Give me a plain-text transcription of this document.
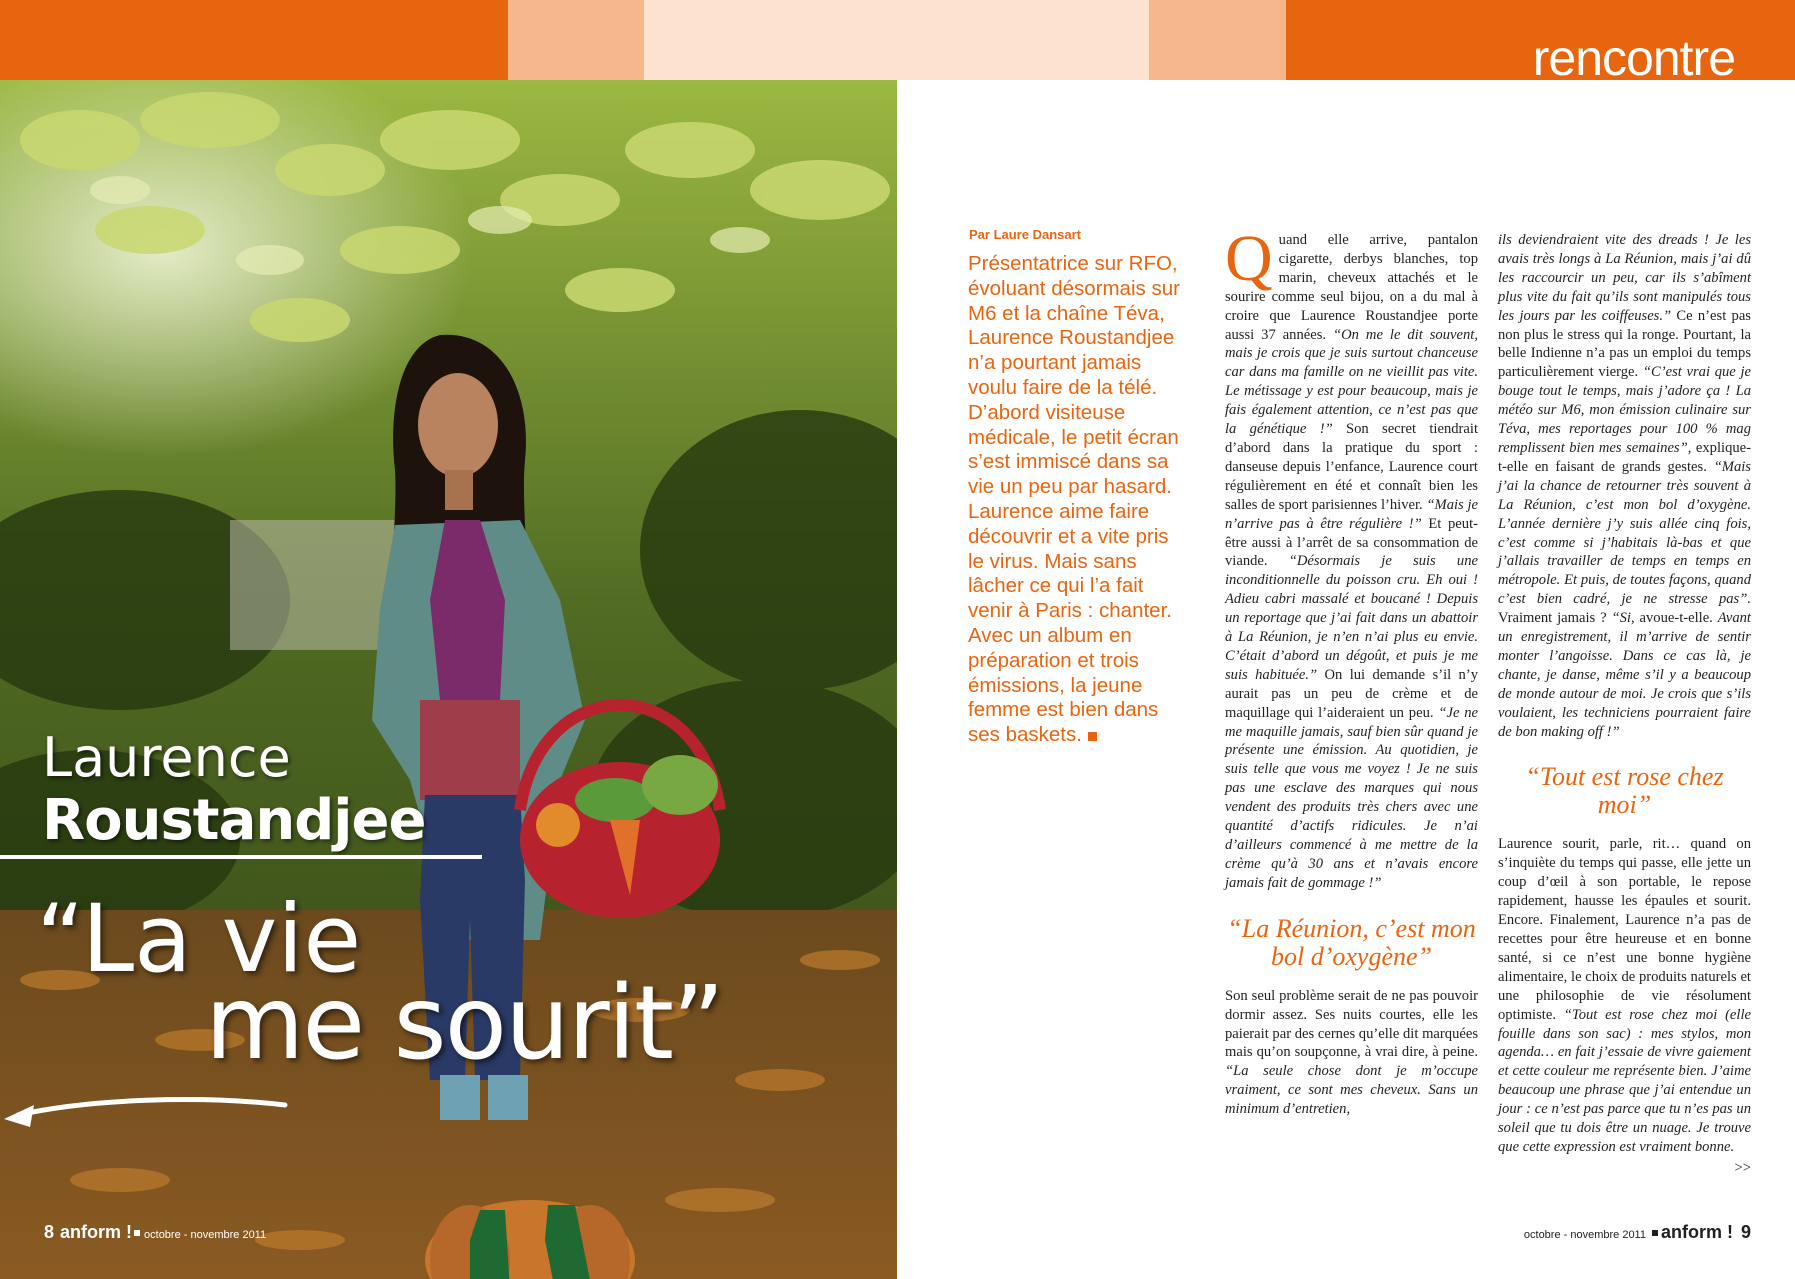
rencontre
Laurence
Roustandjee
“La vie
me sourit”
8 anform ! octobre - novembre 2011
Par Laure Dansart
Présentatrice sur RFO, évoluant désormais sur M6 et la chaîne Téva, Laurence Roustandjee n’a pourtant jamais voulu faire de la télé. D’abord visiteuse médicale, le petit écran s’est immiscé dans sa vie un peu par hasard. Laurence aime faire découvrir et a vite pris le virus. Mais sans lâcher ce qui l’a fait venir à Paris : chanter. Avec un album en préparation et trois émissions, la jeune femme est bien dans ses baskets.

Quand elle arrive, pantalon cigarette, derbys blanches, top marin, cheveux attachés et le sourire comme seul bijou, on a du mal à croire que Laurence Roustandjee porte aussi 37 années. “On me le dit souvent, mais je crois que je suis surtout chanceuse car dans ma famille on ne vieillit pas vite. Le métissage y est pour beaucoup, mais je fais également attention, ce n’est pas que la génétique !” Son secret tiendrait d’abord dans la pratique du sport : danseuse depuis l’enfance, Laurence court régulièrement en été et connaît bien les salles de sport parisiennes l’hiver. “Mais je n’arrive pas à être régulière !” Et peut-être aussi à l’arrêt de sa consommation de viande. “Désormais je suis une inconditionnelle du poisson cru. Eh oui ! Adieu cabri massalé et boucané ! Depuis un reportage que j’ai fait dans un abattoir à La Réunion, je n’en n’ai plus eu envie. C’était d’abord un dégoût, et puis je me suis habituée.” On lui demande s’il n’y aurait pas un peu de crème et de maquillage qui l’aideraient un peu. “Je ne me maquille jamais, sauf bien sûr quand je présente une émission. Au quotidien, je suis telle que vous me voyez ! Je ne suis pas une esclave des marques qui nous vendent des produits très chers avec une quantité d’actifs ridicules. Je n’ai d’ailleurs commencé à me mettre de la crème qu’à 30 ans et n’avais encore jamais fait de gommage !”

“La Réunion, c’est mon bol d’oxygène”

Son seul problème serait de ne pas pouvoir dormir assez. Ses nuits courtes, elle les paierait par des cernes qu’elle dit marquées mais qu’on soupçonne, à vrai dire, à peine. “La seule chose dont je m’occupe vraiment, ce sont mes cheveux. Sans un minimum d’entretien,

ils deviendraient vite des dreads ! Je les avais très longs à La Réunion, mais j’ai dû les raccourcir un peu, car ils s’abîment plus vite du fait qu’ils sont manipulés tous les jours par les coiffeuses.” Ce n’est pas non plus le stress qui la ronge. Pourtant, la belle Indienne n’a pas un emploi du temps particulièrement vierge. “C’est vrai que je bouge tout le temps, mais j’adore ça ! La météo sur M6, mon émission culinaire sur Téva, mes reportages pour 100 % mag remplissent bien mes semaines”, explique-t-elle en faisant de grands gestes. “Mais j’ai la chance de retourner très souvent à La Réunion, c’est mon bol d’oxygène. L’année dernière j’y suis allée cinq fois, c’est comme si j’habitais là-bas et que j’allais travailler de temps en temps en métropole. Et puis, de toutes façons, quand c’est bien cadré, je ne stresse pas”. Vraiment jamais ? “Si, avoue-t-elle. Avant un enregistrement, il m’arrive de sentir monter l’angoisse. Dans ce cas là, je chante, je danse, même s’il y a beaucoup de monde autour de moi. Je crois que s’ils voulaient, les techniciens pourraient faire de bon making off !”

“Tout est rose chez moi”

Laurence sourit, parle, rit… quand on s’inquiète du temps qui passe, elle jette un coup d’œil à son portable, le repose rapidement, hausse les épaules et sourit. Encore. Finalement, Laurence n’a pas de recettes pour être heureuse et en bonne santé, si ce n’est une bonne hygiène alimentaire, le choix de produits naturels et une philosophie de vie résolument optimiste. “Tout est rose chez moi (elle fouille dans son sac) : mes stylos, mon agenda… en fait j’essaie de vivre gaiement et cette couleur me représente bien. J’aime beaucoup une phrase que j’ai entendue un jour : ce n’est pas parce que tu n’es pas un soleil que tu dois être un nuage. Je trouve que cette expression est vraiment bonne.

>>
octobre - novembre 2011 anform ! 9
